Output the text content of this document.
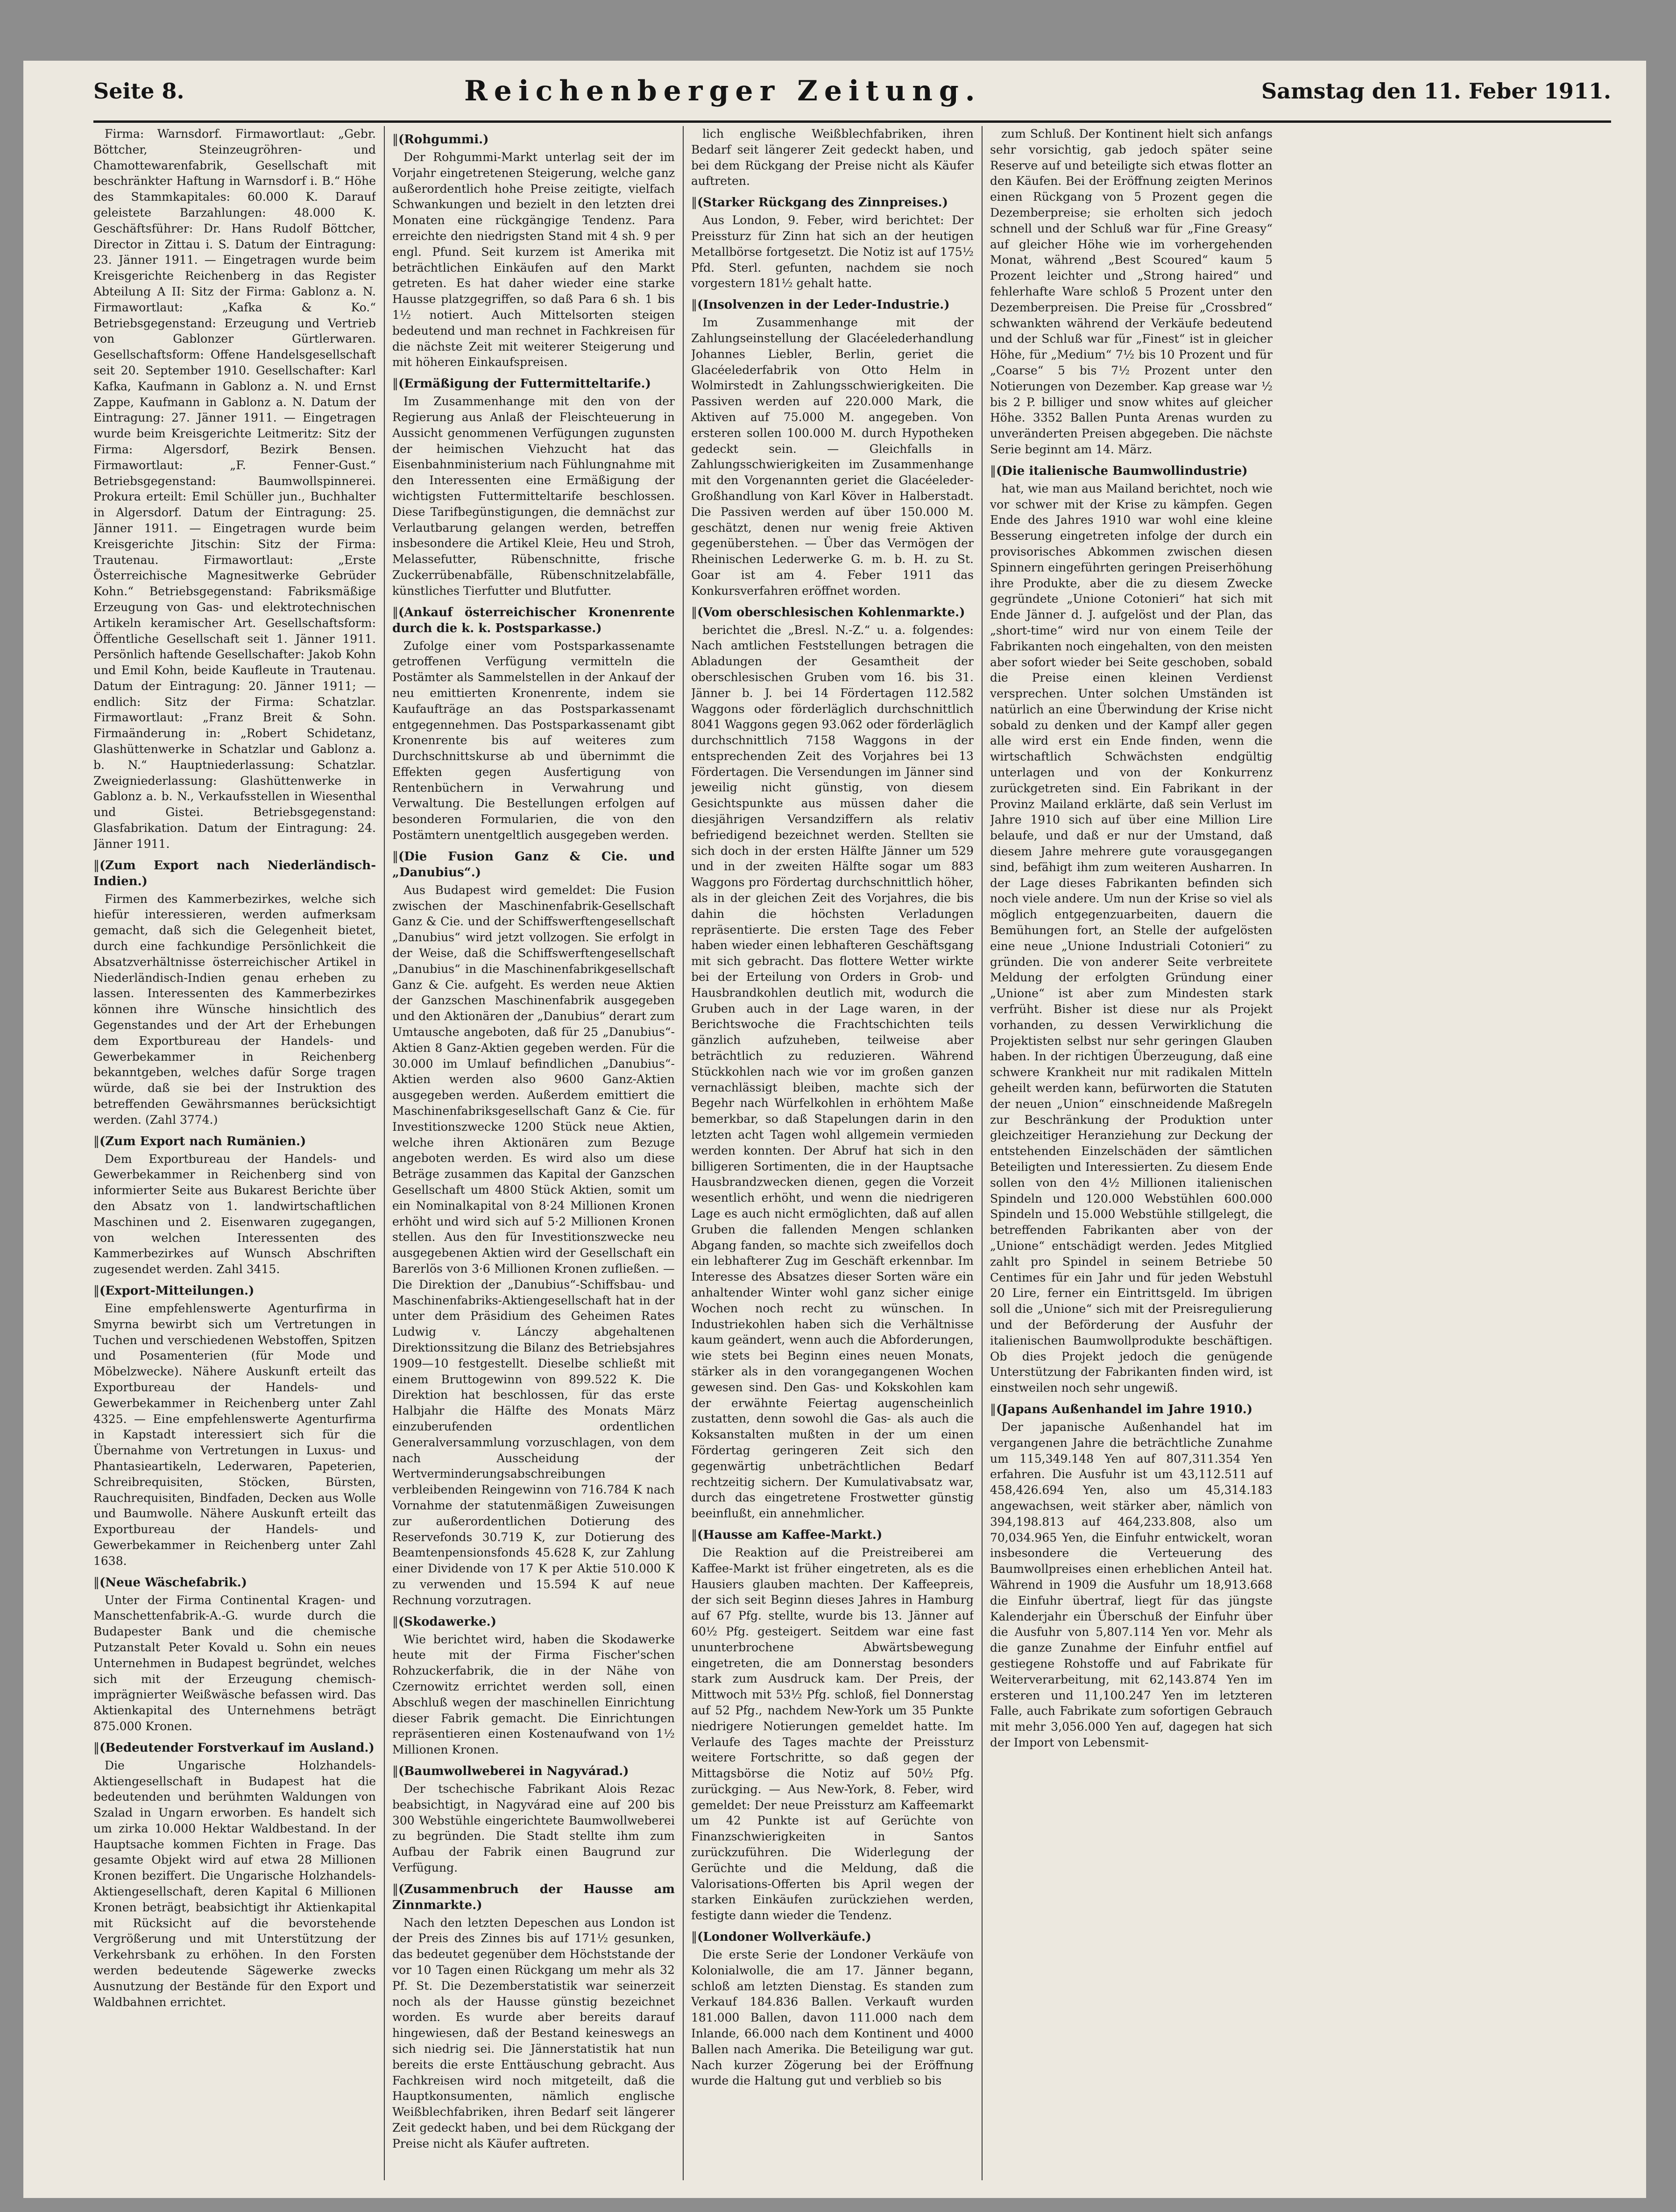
Seite 8.	Reichenberger Zeitung.	Samstag den 11. Feber 1911.

Firma: Warnsdorf. Firmawortlaut: „Gebr. Böttcher, Steinzeugröhren- und Chamottewarenfabrik, Gesellschaft mit beschränkter Haftung in Warnsdorf i. B.“ Höhe des Stammkapitales: 60.000 K. Darauf geleistete Barzahlungen: 48.000 K. Geschäftsführer: Dr. Hans Rudolf Böttcher, Director in Zittau i. S. Datum der Eintragung: 23. Jänner 1911. — Eingetragen wurde beim Kreisgerichte Reichenberg in das Register Abteilung A II: Sitz der Firma: Gablonz a. N. Firmawortlaut: „Kafka & Ko.“ Betriebsgegenstand: Erzeugung und Vertrieb von Gablonzer Gürtlerwaren. Gesellschaftsform: Offene Handelsgesellschaft seit 20. September 1910. Gesellschafter: Karl Kafka, Kaufmann in Gablonz a. N. und Ernst Zappe, Kaufmann in Gablonz a. N. Datum der Eintragung: 27. Jänner 1911. — Eingetragen wurde beim Kreisgerichte Leitmeritz: Sitz der Firma: Algersdorf, Bezirk Bensen. Firmawortlaut: „F. Fenner-Gust.“ Betriebsgegenstand: Baumwollspinnerei. Prokura erteilt: Emil Schüller jun., Buchhalter in Algersdorf. Datum der Eintragung: 25. Jänner 1911. — Eingetragen wurde beim Kreisgerichte Jitschin: Sitz der Firma: Trautenau. Firmawortlaut: „Erste Österreichische Magnesitwerke Gebrüder Kohn.“ Betriebsgegenstand: Fabriksmäßige Erzeugung von Gas- und elektrotechnischen Artikeln keramischer Art. Gesellschaftsform: Öffentliche Gesellschaft seit 1. Jänner 1911. Persönlich haftende Gesellschafter: Jakob Kohn und Emil Kohn, beide Kaufleute in Trautenau. Datum der Eintragung: 20. Jänner 1911; — endlich: Sitz der Firma: Schatzlar. Firmawortlaut: „Franz Breit & Sohn. Firmaänderung in: „Robert Schidetanz, Glashüttenwerke in Schatzlar und Gablonz a. b. N.“ Hauptniederlassung: Schatzlar. Zweigniederlassung: Glashüttenwerke in Gablonz a. b. N., Verkaufsstellen in Wiesenthal und Gistei. Betriebsgegenstand: Glasfabrikation. Datum der Eintragung: 24. Jänner 1911.

‖ (Zum Export nach Niederländisch-Indien.)

Firmen des Kammerbezirkes, welche sich hiefür interessieren, werden aufmerksam gemacht, daß sich die Gelegenheit bietet, durch eine fachkundige Persönlichkeit die Absatzverhältnisse österreichischer Artikel in Niederländisch-Indien genau erheben zu lassen. Interessenten des Kammerbezirkes können ihre Wünsche hinsichtlich des Gegenstandes und der Art der Erhebungen dem Exportbureau der Handels- und Gewerbekammer in Reichenberg bekanntgeben, welches dafür Sorge tragen würde, daß sie bei der Instruktion des betreffenden Gewährsmannes berücksichtigt werden. (Zahl 3774.)

‖ (Zum Export nach Rumänien.)

Dem Exportbureau der Handels- und Gewerbekammer in Reichenberg sind von informierter Seite aus Bukarest Berichte über den Absatz von 1. landwirtschaftlichen Maschinen und 2. Eisenwaren zugegangen, von welchen Interessenten des Kammerbezirkes auf Wunsch Abschriften zugesendet werden. Zahl 3415.

‖ (Export-Mitteilungen.)

Eine empfehlenswerte Agenturfirma in Smyrna bewirbt sich um Vertretungen in Tuchen und verschiedenen Webstoffen, Spitzen und Posamenterien (für Mode und Möbelzwecke). Nähere Auskunft erteilt das Exportbureau der Handels- und Gewerbekammer in Reichenberg unter Zahl 4325. — Eine empfehlenswerte Agenturfirma in Kapstadt interessiert sich für die Übernahme von Vertretungen in Luxus- und Phantasieartikeln, Lederwaren, Papeterien, Schreibrequisiten, Stöcken, Bürsten, Rauchrequisiten, Bindfaden, Decken aus Wolle und Baumwolle. Nähere Auskunft erteilt das Exportbureau der Handels- und Gewerbekammer in Reichenberg unter Zahl 1638.

‖ (Neue Wäschefabrik.)

Unter der Firma Continental Kragen- und Manschettenfabrik-A.-G. wurde durch die Budapester Bank und die chemische Putzanstalt Peter Kovald u. Sohn ein neues Unternehmen in Budapest begründet, welches sich mit der Erzeugung chemisch-imprägnierter Weißwäsche befassen wird. Das Aktienkapital des Unternehmens beträgt 875.000 Kronen.

‖ (Bedeutender Forstverkauf im Ausland.)

Die Ungarische Holzhandels-Aktiengesellschaft in Budapest hat die bedeutenden und berühmten Waldungen von Szalad in Ungarn erworben. Es handelt sich um zirka 10.000 Hektar Waldbestand. In der Hauptsache kommen Fichten in Frage. Das gesamte Objekt wird auf etwa 28 Millionen Kronen beziffert. Die Ungarische Holzhandels-Aktiengesellschaft, deren Kapital 6 Millionen Kronen beträgt, beabsichtigt ihr Aktienkapital mit Rücksicht auf die bevorstehende Vergrößerung und mit Unterstützung der Verkehrsbank zu erhöhen. In den Forsten werden bedeutende Sägewerke zwecks Ausnutzung der Bestände für den Export und Waldbahnen errichtet.

‖ (Rohgummi.)

Der Rohgummi-Markt unterlag seit der im Vorjahr eingetretenen Steigerung, welche ganz außerordentlich hohe Preise zeitigte, vielfach Schwankungen und bezielt in den letzten drei Monaten eine rückgängige Tendenz. Para erreichte den niedrigsten Stand mit 4 sh. 9 per engl. Pfund. Seit kurzem ist Amerika mit beträchtlichen Einkäufen auf den Markt getreten. Es hat daher wieder eine starke Hausse platzgegriffen, so daß Para 6 sh. 1 bis 1½ notiert. Auch Mittelsorten steigen bedeutend und man rechnet in Fachkreisen für die nächste Zeit mit weiterer Steigerung und mit höheren Einkaufspreisen.

‖ (Ermäßigung der Futtermitteltarife.)

Im Zusammenhange mit den von der Regierung aus Anlaß der Fleischteuerung in Aussicht genommenen Verfügungen zugunsten der heimischen Viehzucht hat das Eisenbahnministerium nach Fühlungnahme mit den Interessenten eine Ermäßigung der wichtigsten Futtermitteltarife beschlossen. Diese Tarifbegünstigungen, die demnächst zur Verlautbarung gelangen werden, betreffen insbesondere die Artikel Kleie, Heu und Stroh, Melassefutter, Rübenschnitte, frische Zuckerrübenabfälle, Rübenschnitzelabfälle, künstliches Tierfutter und Blutfutter.

‖ (Ankauf österreichischer Kronenrente durch die k. k. Postsparkasse.)

Zufolge einer vom Postsparkassenamte getroffenen Verfügung vermitteln die Postämter als Sammelstellen in der Ankauf der neu emittierten Kronenrente, indem sie Kaufaufträge an das Postsparkassenamt entgegennehmen. Das Postsparkassenamt gibt Kronenrente bis auf weiteres zum Durchschnittskurse ab und übernimmt die Effekten gegen Ausfertigung von Rentenbüchern in Verwahrung und Verwaltung. Die Bestellungen erfolgen auf besonderen Formularien, die von den Postämtern unentgeltlich ausgegeben werden.

‖ (Die Fusion Ganz & Cie. und „Danubius“.)

Aus Budapest wird gemeldet: Die Fusion zwischen der Maschinenfabrik-Gesellschaft Ganz & Cie. und der Schiffswerftengesellschaft „Danubius“ wird jetzt vollzogen. Sie erfolgt in der Weise, daß die Schiffswerftengesellschaft „Danubius“ in die Maschinenfabrikgesellschaft Ganz & Cie. aufgeht. Es werden neue Aktien der Ganzschen Maschinenfabrik ausgegeben und den Aktionären der „Danubius“ derart zum Umtausche angeboten, daß für 25 „Danubius“-Aktien 8 Ganz-Aktien gegeben werden. Für die 30.000 im Umlauf befindlichen „Danubius“-Aktien werden also 9600 Ganz-Aktien ausgegeben werden. Außerdem emittiert die Maschinenfabriksgesellschaft Ganz & Cie. für Investitionszwecke 1200 Stück neue Aktien, welche ihren Aktionären zum Bezuge angeboten werden. Es wird also um diese Beträge zusammen das Kapital der Ganzschen Gesellschaft um 4800 Stück Aktien, somit um ein Nominalkapital von 8·24 Millionen Kronen erhöht und wird sich auf 5·2 Millionen Kronen stellen. Aus den für Investitionszwecke neu ausgegebenen Aktien wird der Gesellschaft ein Barerlös von 3·6 Millionen Kronen zufließen. — Die Direktion der „Danubius“-Schiffsbau- und Maschinenfabriks-Aktiengesellschaft hat in der unter dem Präsidium des Geheimen Rates Ludwig v. Lánczy abgehaltenen Direktionssitzung die Bilanz des Betriebsjahres 1909—10 festgestellt. Dieselbe schließt mit einem Bruttogewinn von 899.522 K. Die Direktion hat beschlossen, für das erste Halbjahr die Hälfte des Monats März einzuberufenden ordentlichen Generalversammlung vorzuschlagen, von dem nach Ausscheidung der Wertverminderungsabschreibungen verbleibenden Reingewinn von 716.784 K nach Vornahme der statutenmäßigen Zuweisungen zur außerordentlichen Dotierung des Reservefonds 30.719 K, zur Dotierung des Beamtenpensionsfonds 45.628 K, zur Zahlung einer Dividende von 17 K per Aktie 510.000 K zu verwenden und 15.594 K auf neue Rechnung vorzutragen.

‖ (Skodawerke.)

Wie berichtet wird, haben die Skodawerke heute mit der Firma Fischer'schen Rohzuckerfabrik, die in der Nähe von Czernowitz errichtet werden soll, einen Abschluß wegen der maschinellen Einrichtung dieser Fabrik gemacht. Die Einrichtungen repräsentieren einen Kostenaufwand von 1½ Millionen Kronen.

‖ (Baumwollweberei in Nagyvárad.)

Der tschechische Fabrikant Alois Rezac beabsichtigt, in Nagyvárad eine auf 200 bis 300 Webstühle eingerichtete Baumwollweberei zu begründen. Die Stadt stellte ihm zum Aufbau der Fabrik einen Baugrund zur Verfügung.

‖ (Zusammenbruch der Hausse am Zinnmarkte.)

Nach den letzten Depeschen aus London ist der Preis des Zinnes bis auf 171½ gesunken, das bedeutet gegenüber dem Höchststande der vor 10 Tagen einen Rückgang um mehr als 32 Pf. St. Die Dezemberstatistik war seinerzeit noch als der Hausse günstig bezeichnet worden. Es wurde aber bereits darauf hingewiesen, daß der Bestand keineswegs an sich niedrig sei. Die Jännerstatistik hat nun bereits die erste Enttäuschung gebracht. Aus Fachkreisen wird noch mitgeteilt, daß die Hauptkonsumenten, nämlich englische Weißblechfabriken, ihren Bedarf seit längerer Zeit gedeckt haben, und bei dem Rückgang der Preise nicht als Käufer auftreten.

lich englische Weißblechfabriken, ihren Bedarf seit längerer Zeit gedeckt haben, und bei dem Rückgang der Preise nicht als Käufer auftreten.

‖ (Starker Rückgang des Zinnpreises.)

Aus London, 9. Feber, wird berichtet: Der Preissturz für Zinn hat sich an der heutigen Metallbörse fortgesetzt. Die Notiz ist auf 175½ Pfd. Sterl. gefunten, nachdem sie noch vorgestern 181½ gehalt hatte.

‖ (Insolvenzen in der Leder-Industrie.)

Im Zusammenhange mit der Zahlungseinstellung der Glacéelederhandlung Johannes Liebler, Berlin, geriet die Glacéelederfabrik von Otto Helm in Wolmirstedt in Zahlungsschwierigkeiten. Die Passiven werden auf 220.000 Mark, die Aktiven auf 75.000 M. angegeben. Von ersteren sollen 100.000 M. durch Hypotheken gedeckt sein. — Gleichfalls in Zahlungsschwierigkeiten im Zusammenhange mit den Vorgenannten geriet die Glacéeleder-Großhandlung von Karl Köver in Halberstadt. Die Passiven werden auf über 150.000 M. geschätzt, denen nur wenig freie Aktiven gegenüberstehen. — Über das Vermögen der Rheinischen Lederwerke G. m. b. H. zu St. Goar ist am 4. Feber 1911 das Konkursverfahren eröffnet worden.

‖ (Vom oberschlesischen Kohlenmarkte.)

berichtet die „Bresl. N.-Z.“ u. a. folgendes: Nach amtlichen Feststellungen betragen die Abladungen der Gesamtheit der oberschlesischen Gruben vom 16. bis 31. Jänner b. J. bei 14 Fördertagen 112.582 Waggons oder förderläglich durchschnittlich 8041 Waggons gegen 93.062 oder förderläglich durchschnittlich 7158 Waggons in der entsprechenden Zeit des Vorjahres bei 13 Fördertagen. Die Versendungen im Jänner sind jeweilig nicht günstig, von diesem Gesichtspunkte aus müssen daher die diesjährigen Versandziffern als relativ befriedigend bezeichnet werden. Stellten sie sich doch in der ersten Hälfte Jänner um 529 und in der zweiten Hälfte sogar um 883 Waggons pro Fördertag durchschnittlich höher, als in der gleichen Zeit des Vorjahres, die bis dahin die höchsten Verladungen repräsentierte. Die ersten Tage des Feber haben wieder einen lebhafteren Geschäftsgang mit sich gebracht. Das flottere Wetter wirkte bei der Erteilung von Orders in Grob- und Hausbrandkohlen deutlich mit, wodurch die Gruben auch in der Lage waren, in der Berichtswoche die Frachtschichten teils gänzlich aufzuheben, teilweise aber beträchtlich zu reduzieren. Während Stückkohlen nach wie vor im großen ganzen vernachlässigt bleiben, machte sich der Begehr nach Würfelkohlen in erhöhtem Maße bemerkbar, so daß Stapelungen darin in den letzten acht Tagen wohl allgemein vermieden werden konnten. Der Abruf hat sich in den billigeren Sortimenten, die in der Hauptsache Hausbrandzwecken dienen, gegen die Vorzeit wesentlich erhöht, und wenn die niedrigeren Lage es auch nicht ermöglichten, daß auf allen Gruben die fallenden Mengen schlanken Abgang fanden, so machte sich zweifellos doch ein lebhafterer Zug im Geschäft erkennbar. Im Interesse des Absatzes dieser Sorten wäre ein anhaltender Winter wohl ganz sicher einige Wochen noch recht zu wünschen. In Industriekohlen haben sich die Verhältnisse kaum geändert, wenn auch die Abforderungen, wie stets bei Beginn eines neuen Monats, stärker als in den vorangegangenen Wochen gewesen sind. Den Gas- und Kokskohlen kam der erwähnte Feiertag augenscheinlich zustatten, denn sowohl die Gas- als auch die Koksanstalten mußten in der um einen Fördertag geringeren Zeit sich den gegenwärtig unbeträchtlichen Bedarf rechtzeitig sichern. Der Kumulativabsatz war, durch das eingetretene Frostwetter günstig beeinflußt, ein annehmlicher.

‖ (Hausse am Kaffee-Markt.)

Die Reaktion auf die Preistreiberei am Kaffee-Markt ist früher eingetreten, als es die Hausiers glauben machten. Der Kaffeepreis, der sich seit Beginn dieses Jahres in Hamburg auf 67 Pfg. stellte, wurde bis 13. Jänner auf 60½ Pfg. gesteigert. Seitdem war eine fast ununterbrochene Abwärtsbewegung eingetreten, die am Donnerstag besonders stark zum Ausdruck kam. Der Preis, der Mittwoch mit 53½ Pfg. schloß, fiel Donnerstag auf 52 Pfg., nachdem New-York um 35 Punkte niedrigere Notierungen gemeldet hatte. Im Verlaufe des Tages machte der Preissturz weitere Fortschritte, so daß gegen der Mittagsbörse die Notiz auf 50½ Pfg. zurückging. — Aus New-York, 8. Feber, wird gemeldet: Der neue Preissturz am Kaffeemarkt um 42 Punkte ist auf Gerüchte von Finanzschwierigkeiten in Santos zurückzuführen. Die Widerlegung der Gerüchte und die Meldung, daß die Valorisations-Offerten bis April wegen der starken Einkäufen zurückziehen werden, festigte dann wieder die Tendenz.

‖ (Londoner Wollverkäufe.)

Die erste Serie der Londoner Verkäufe von Kolonialwolle, die am 17. Jänner begann, schloß am letzten Dienstag. Es standen zum Verkauf 184.836 Ballen. Verkauft wurden 181.000 Ballen, davon 111.000 nach dem Inlande, 66.000 nach dem Kontinent und 4000 Ballen nach Amerika. Die Beteiligung war gut. Nach kurzer Zögerung bei der Eröffnung wurde die Haltung gut und verblieb so bis

zum Schluß. Der Kontinent hielt sich anfangs sehr vorsichtig, gab jedoch später seine Reserve auf und beteiligte sich etwas flotter an den Käufen. Bei der Eröffnung zeigten Merinos einen Rückgang von 5 Prozent gegen die Dezemberpreise; sie erholten sich jedoch schnell und der Schluß war für „Fine Greasy“ auf gleicher Höhe wie im vorhergehenden Monat, während „Best Scoured“ kaum 5 Prozent leichter und „Strong haired“ und fehlerhafte Ware schloß 5 Prozent unter den Dezemberpreisen. Die Preise für „Crossbred“ schwankten während der Verkäufe bedeutend und der Schluß war für „Finest“ ist in gleicher Höhe, für „Medium“ 7½ bis 10 Prozent und für „Coarse“ 5 bis 7½ Prozent unter den Notierungen von Dezember. Kap grease war ½ bis 2 P. billiger und snow whites auf gleicher Höhe. 3352 Ballen Punta Arenas wurden zu unveränderten Preisen abgegeben. Die nächste Serie beginnt am 14. März.

‖ (Die italienische Baumwollindustrie)

hat, wie man aus Mailand berichtet, noch wie vor schwer mit der Krise zu kämpfen. Gegen Ende des Jahres 1910 war wohl eine kleine Besserung eingetreten infolge der durch ein provisorisches Abkommen zwischen diesen Spinnern eingeführten geringen Preiserhöhung ihre Produkte, aber die zu diesem Zwecke gegründete „Unione Cotonieri“ hat sich mit Ende Jänner d. J. aufgelöst und der Plan, das „short-time“ wird nur von einem Teile der Fabrikanten noch eingehalten, von den meisten aber sofort wieder bei Seite geschoben, sobald die Preise einen kleinen Verdienst versprechen. Unter solchen Umständen ist natürlich an eine Überwindung der Krise nicht sobald zu denken und der Kampf aller gegen alle wird erst ein Ende finden, wenn die wirtschaftlich Schwächsten endgültig unterlagen und von der Konkurrenz zurückgetreten sind. Ein Fabrikant in der Provinz Mailand erklärte, daß sein Verlust im Jahre 1910 sich auf über eine Million Lire belaufe, und daß er nur der Umstand, daß diesem Jahre mehrere gute vorausgegangen sind, befähigt ihm zum weiteren Ausharren. In der Lage dieses Fabrikanten befinden sich noch viele andere. Um nun der Krise so viel als möglich entgegenzuarbeiten, dauern die Bemühungen fort, an Stelle der aufgelösten eine neue „Unione Industriali Cotonieri“ zu gründen. Die von anderer Seite verbreitete Meldung der erfolgten Gründung einer „Unione“ ist aber zum Mindesten stark verfrüht. Bisher ist diese nur als Projekt vorhanden, zu dessen Verwirklichung die Projektisten selbst nur sehr geringen Glauben haben. In der richtigen Überzeugung, daß eine schwere Krankheit nur mit radikalen Mitteln geheilt werden kann, befürworten die Statuten der neuen „Union“ einschneidende Maßregeln zur Beschränkung der Produktion unter gleichzeitiger Heranziehung zur Deckung der entstehenden Einzelschäden der sämtlichen Beteiligten und Interessierten. Zu diesem Ende sollen von den 4½ Millionen italienischen Spindeln und 120.000 Webstühlen 600.000 Spindeln und 15.000 Webstühle stillgelegt, die betreffenden Fabrikanten aber von der „Unione“ entschädigt werden. Jedes Mitglied zahlt pro Spindel in seinem Betriebe 50 Centimes für ein Jahr und für jeden Webstuhl 20 Lire, ferner ein Eintrittsgeld. Im übrigen soll die „Unione“ sich mit der Preisregulierung und der Beförderung der Ausfuhr der italienischen Baumwollprodukte beschäftigen. Ob dies Projekt jedoch die genügende Unterstützung der Fabrikanten finden wird, ist einstweilen noch sehr ungewiß.

‖ (Japans Außenhandel im Jahre 1910.)

Der japanische Außenhandel hat im vergangenen Jahre die beträchtliche Zunahme um 115,349.148 Yen auf 807,311.354 Yen erfahren. Die Ausfuhr ist um 43,112.511 auf 458,426.694 Yen, also um 45,314.183 angewachsen, weit stärker aber, nämlich von 394,198.813 auf 464,233.808, also um 70,034.965 Yen, die Einfuhr entwickelt, woran insbesondere die Verteuerung des Baumwollpreises einen erheblichen Anteil hat. Während in 1909 die Ausfuhr um 18,913.668 die Einfuhr übertraf, liegt für das jüngste Kalenderjahr ein Überschuß der Einfuhr über die Ausfuhr von 5,807.114 Yen vor. Mehr als die ganze Zunahme der Einfuhr entfiel auf gestiegene Rohstoffe und auf Fabrikate für Weiterverarbeitung, mit 62,143.874 Yen im ersteren und 11,100.247 Yen im letzteren Falle, auch Fabrikate zum sofortigen Gebrauch mit mehr 3,056.000 Yen auf, dagegen hat sich der Import von Lebensmit-
